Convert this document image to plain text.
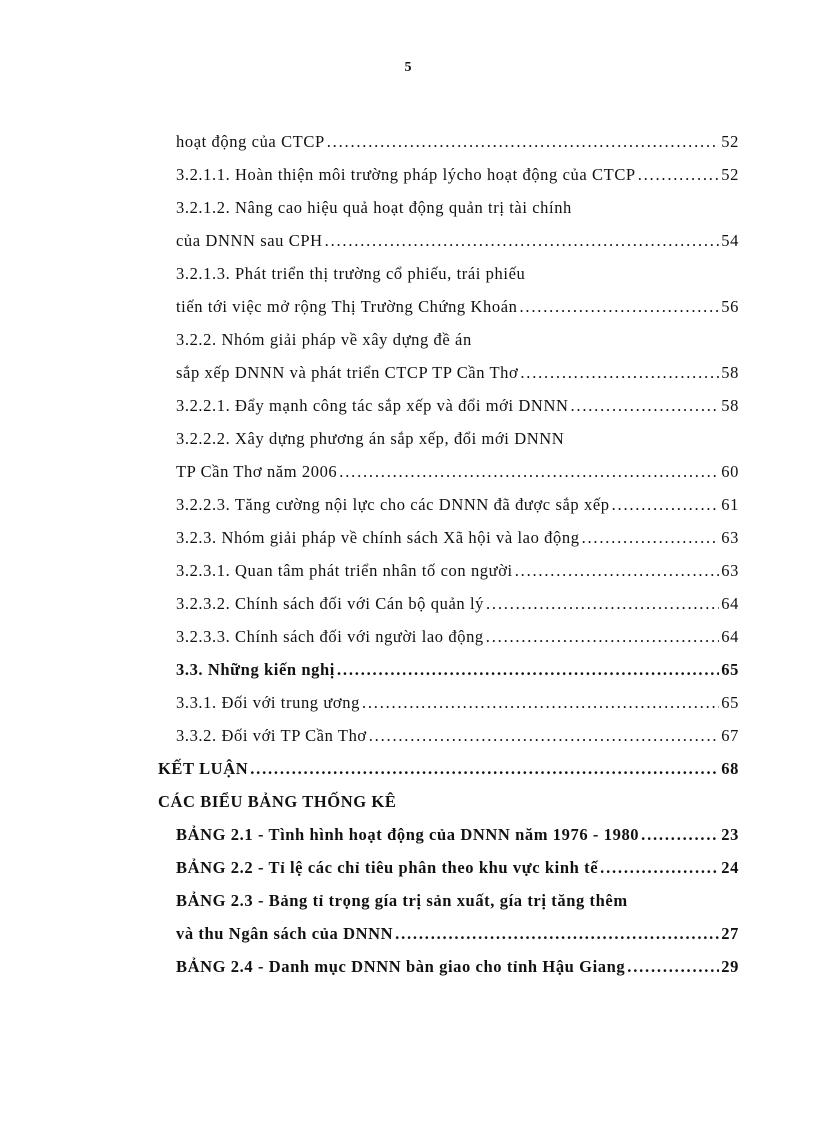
5
hoạt động của CTCP .....	52
3.2.1.1. Hoàn thiện môi trường pháp lýcho hoạt động của CTCP .....	52
3.2.1.2. Nâng cao hiệu quả hoạt động quản trị tài chính
của DNNN sau CPH .....	54
3.2.1.3. Phát triển thị trường cổ phiếu, trái phiếu
tiến tới việc mở rộng Thị Trường Chứng Khoán .....	56
3.2.2. Nhóm giải pháp về xây dựng đề án
sắp xếp DNNN và phát triển CTCP TP Cần Thơ .....	58
3.2.2.1. Đẩy mạnh công tác sắp xếp và đổi mới DNNN .....	58
3.2.2.2. Xây dựng phương án sắp xếp, đổi mới DNNN
TP Cần Thơ năm 2006 .....	60
3.2.2.3. Tăng cường nội lực cho các DNNN đã được sắp xếp .....	61
3.2.3. Nhóm giải pháp về chính sách Xã hội và lao động .....	63
3.2.3.1. Quan tâm phát triển nhân tố con người .....	63
3.2.3.2. Chính sách đối với Cán bộ quản lý .....	64
3.2.3.3. Chính sách đối với người lao động .....	64
3.3. Những kiến nghị .....	65
3.3.1. Đối với trung ương .....	65
3.3.2. Đối với TP Cần Thơ .....	67
KẾT LUẬN .....	68
CÁC BIỂU BẢNG THỐNG KÊ
BẢNG 2.1 - Tình hình hoạt động của DNNN năm 1976 - 1980 .....	23
BẢNG 2.2 - Tỉ lệ các chỉ tiêu phân theo khu vực kinh tế .....	24
BẢNG 2.3 - Bảng tỉ trọng gía trị sản xuất, gía trị tăng thêm
và thu Ngân sách của DNNN .....	27
BẢNG 2.4 - Danh mục DNNN bàn giao cho tỉnh Hậu Giang .....	29
